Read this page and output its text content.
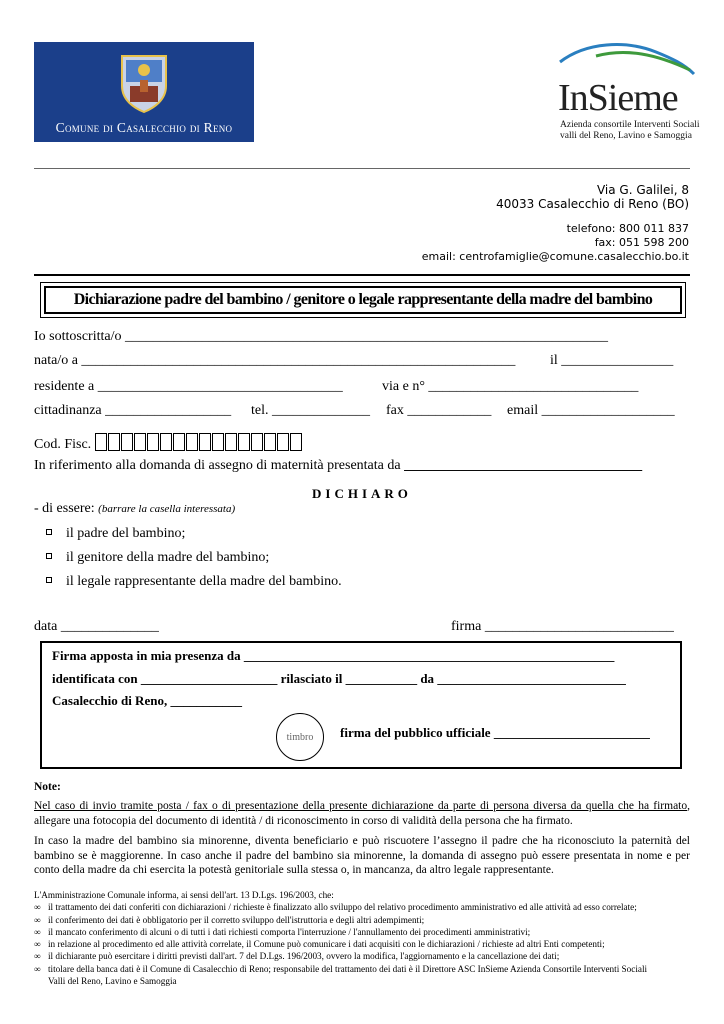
Comune di Casalecchio di Reno
InSieme
Azienda consortile Interventi Sociali
valli del Reno, Lavino e Samoggia
Via G. Galilei, 8
40033 Casalecchio di Reno (BO)
telefono: 800 011 837
fax: 051 598 200
email: centrofamiglie@comune.casalecchio.bo.it
Dichiarazione padre del bambino / genitore o legale rappresentante della madre del bambino
Io sottoscritta/o _____________________________________________________________________
nata/o a ______________________________________________________________ il ________________
residente a ___________________________________	via e n° ______________________________
cittadinanza __________________ tel. ______________ fax ____________ email ___________________
Cod. Fisc.
In riferimento alla domanda di assegno di maternità presentata da __________________________________
DICHIARO
- di essere: (barrare la casella interessata)
il padre del bambino;
il genitore della madre del bambino;
il legale rappresentante della madre del bambino.
data ______________	firma ___________________________
Firma apposta in mia presenza da _________________________________________________________
identificata con _____________________ rilasciato il ___________ da _____________________________
Casalecchio di Reno, ___________
timbro	firma del pubblico ufficiale ________________________
Note:
Nel caso di invio tramite posta / fax o di presentazione della presente dichiarazione da parte di persona diversa da quella che ha firmato, allegare una fotocopia del documento di identità / di riconoscimento in corso di validità della persona che ha firmato.
In caso la madre del bambino sia minorenne, diventa beneficiario e può riscuotere l’assegno il padre che ha riconosciuto la paternità del bambino se è maggiorenne. In caso anche il padre del bambino sia minorenne, la domanda di assegno può essere presentata in nome e per conto della madre da chi esercita la potestà genitoriale sulla stessa o, in mancanza, da altro legale rappresentante.
L'Amministrazione Comunale informa, ai sensi dell'art. 13 D.Lgs. 196/2003, che:
∞ il trattamento dei dati conferiti con dichiarazioni / richieste è finalizzato allo sviluppo del relativo procedimento amministrativo ed alle attività ad esso correlate;
∞ il conferimento dei dati è obbligatorio per il corretto sviluppo dell'istruttoria e degli altri adempimenti;
∞ il mancato conferimento di alcuni o di tutti i dati richiesti comporta l'interruzione / l'annullamento dei procedimenti amministrativi;
∞ in relazione al procedimento ed alle attività correlate, il Comune può comunicare i dati acquisiti con le dichiarazioni / richieste ad altri Enti competenti;
∞ il dichiarante può esercitare i diritti previsti dall'art. 7 del D.Lgs. 196/2003, ovvero la modifica, l'aggiornamento e la cancellazione dei dati;
∞ titolare della banca dati è il Comune di Casalecchio di Reno; responsabile del trattamento dei dati è il Direttore ASC InSieme Azienda Consortile Interventi Sociali
Valli del Reno, Lavino e Samoggia
